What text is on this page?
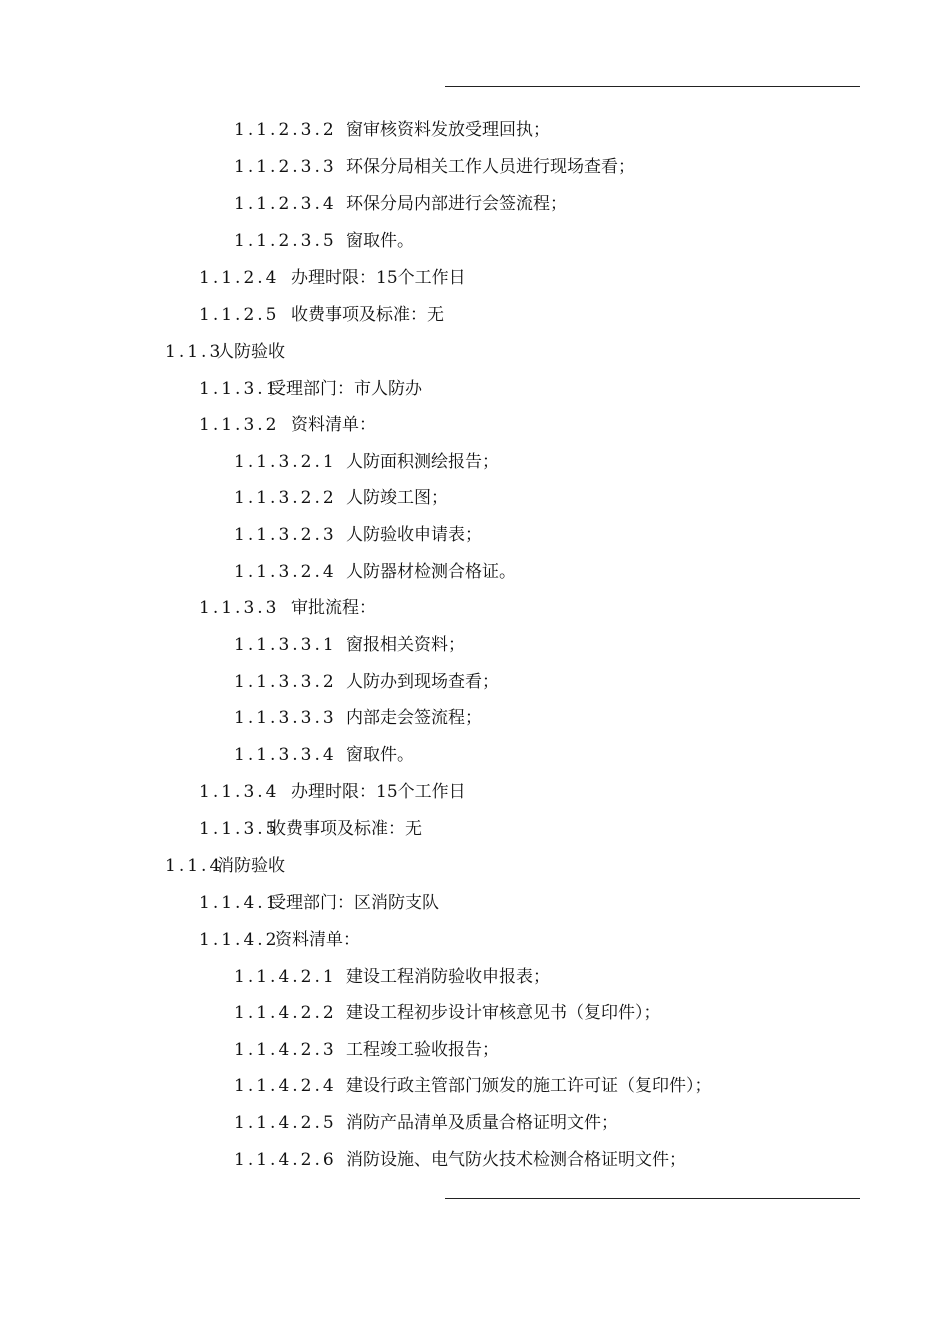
1.1.2.3.2 窗审核资料发放受理回执；
1.1.2.3.3 环保分局相关工作人员进行现场查看；
1.1.2.3.4 环保分局内部进行会签流程；
1.1.2.3.5 窗取件。
1.1.2.4 办理时限：15个工作日
1.1.2.5 收费事项及标准：无
1.1.3人防验收
1.1.3.1受理部门：市人防办
1.1.3.2 资料清单：
1.1.3.2.1 人防面积测绘报告；
1.1.3.2.2 人防竣工图；
1.1.3.2.3 人防验收申请表；
1.1.3.2.4 人防器材检测合格证。
1.1.3.3 审批流程：
1.1.3.3.1 窗报相关资料；
1.1.3.3.2 人防办到现场查看；
1.1.3.3.3 内部走会签流程；
1.1.3.3.4 窗取件。
1.1.3.4 办理时限：15个工作日
1.1.3.5收费事项及标准：无
1.1.4消防验收
1.1.4.1受理部门：区消防支队
1.1.4.2资料清单：
1.1.4.2.1 建设工程消防验收申报表；
1.1.4.2.2 建设工程初步设计审核意见书（复印件）；
1.1.4.2.3 工程竣工验收报告；
1.1.4.2.4 建设行政主管部门颁发的施工许可证（复印件）；
1.1.4.2.5 消防产品清单及质量合格证明文件；
1.1.4.2.6 消防设施、电气防火技术检测合格证明文件；
